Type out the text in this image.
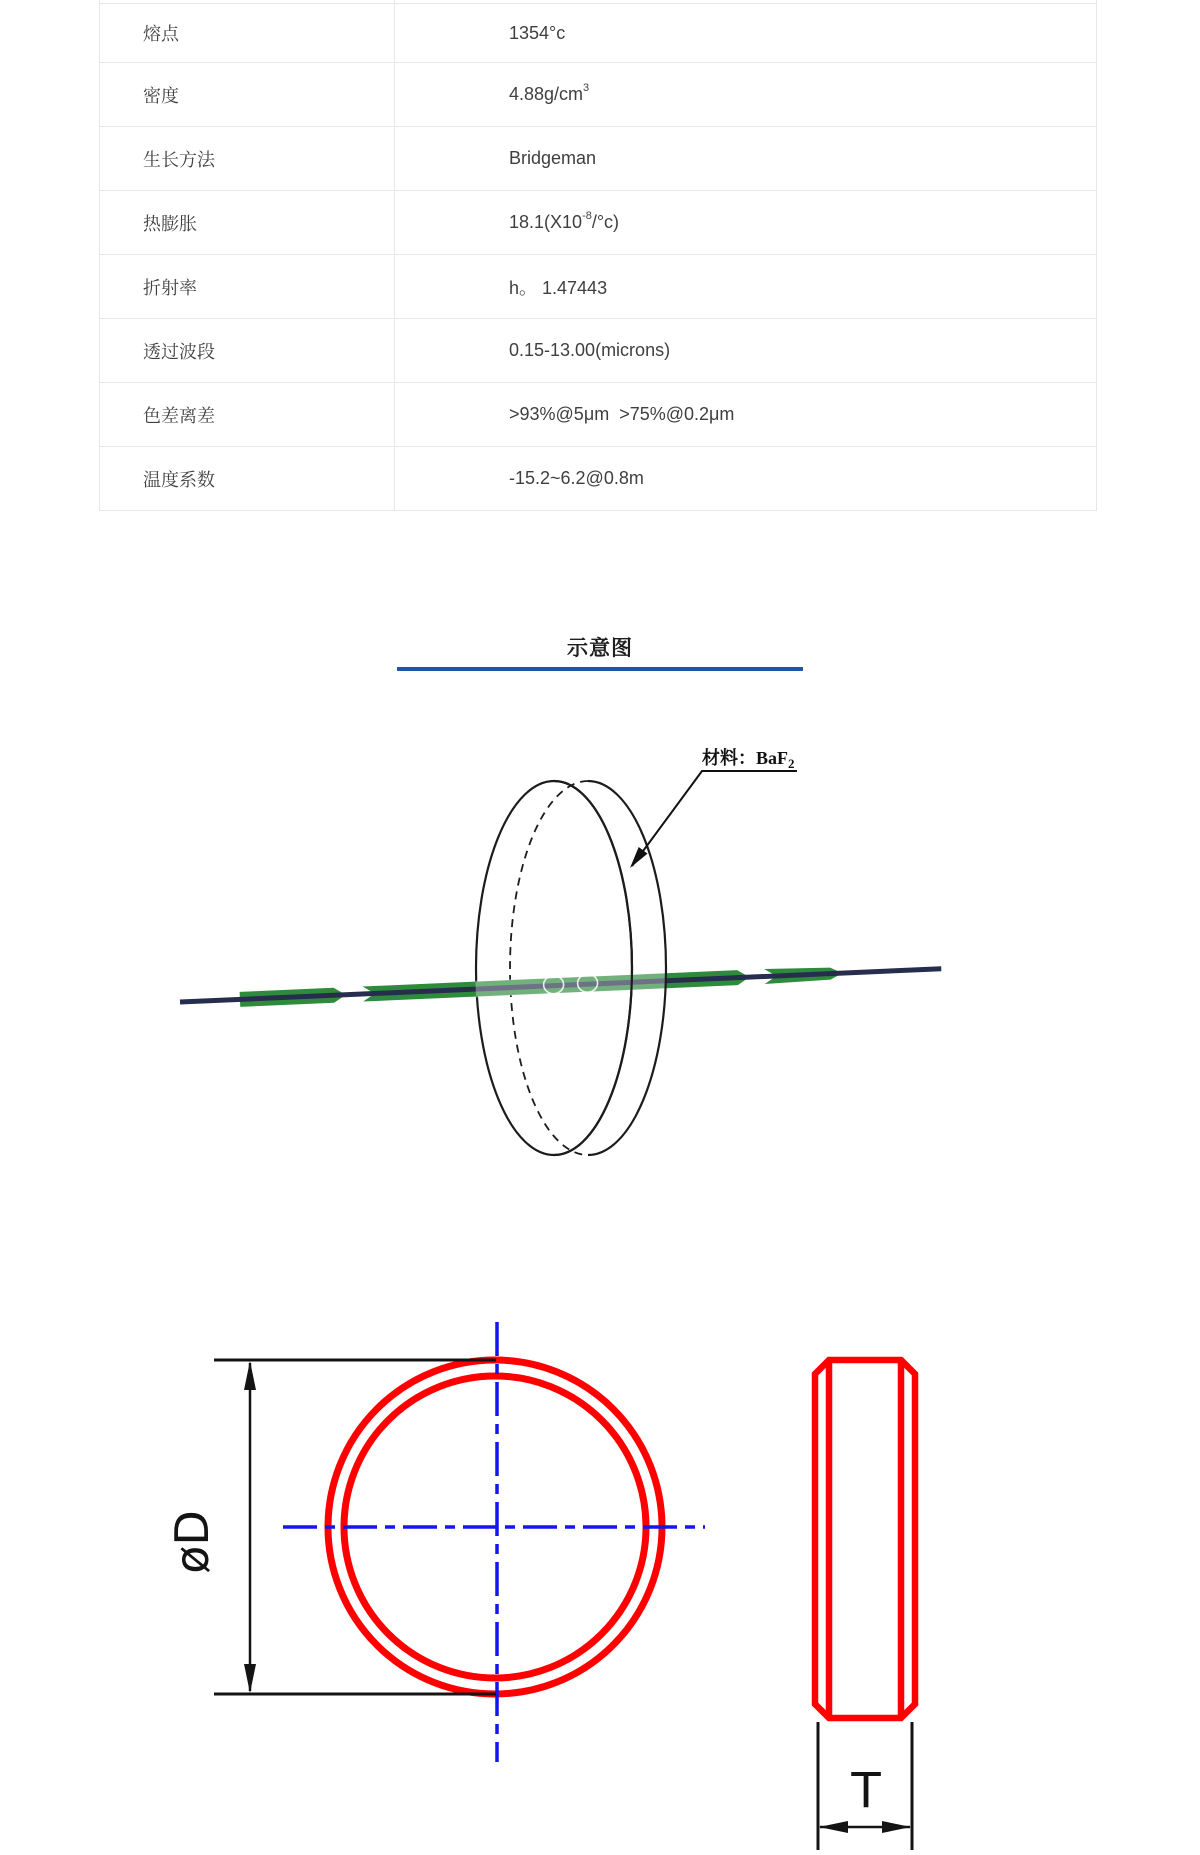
熔点	1354°c
密度	$4.88g/cm^3$
生长方法	Bridgeman
热膨胀	$18.1(X10^{-8}$ /°c)
折射率	h。 1.47443
透过波段	0.15-13.00(microns)
色差离差	>93%@5μm  >75%@0.2μm
温度系数	-15.2~6.2@0.8m
示意图
材料：BaF$_2$
øD
T
